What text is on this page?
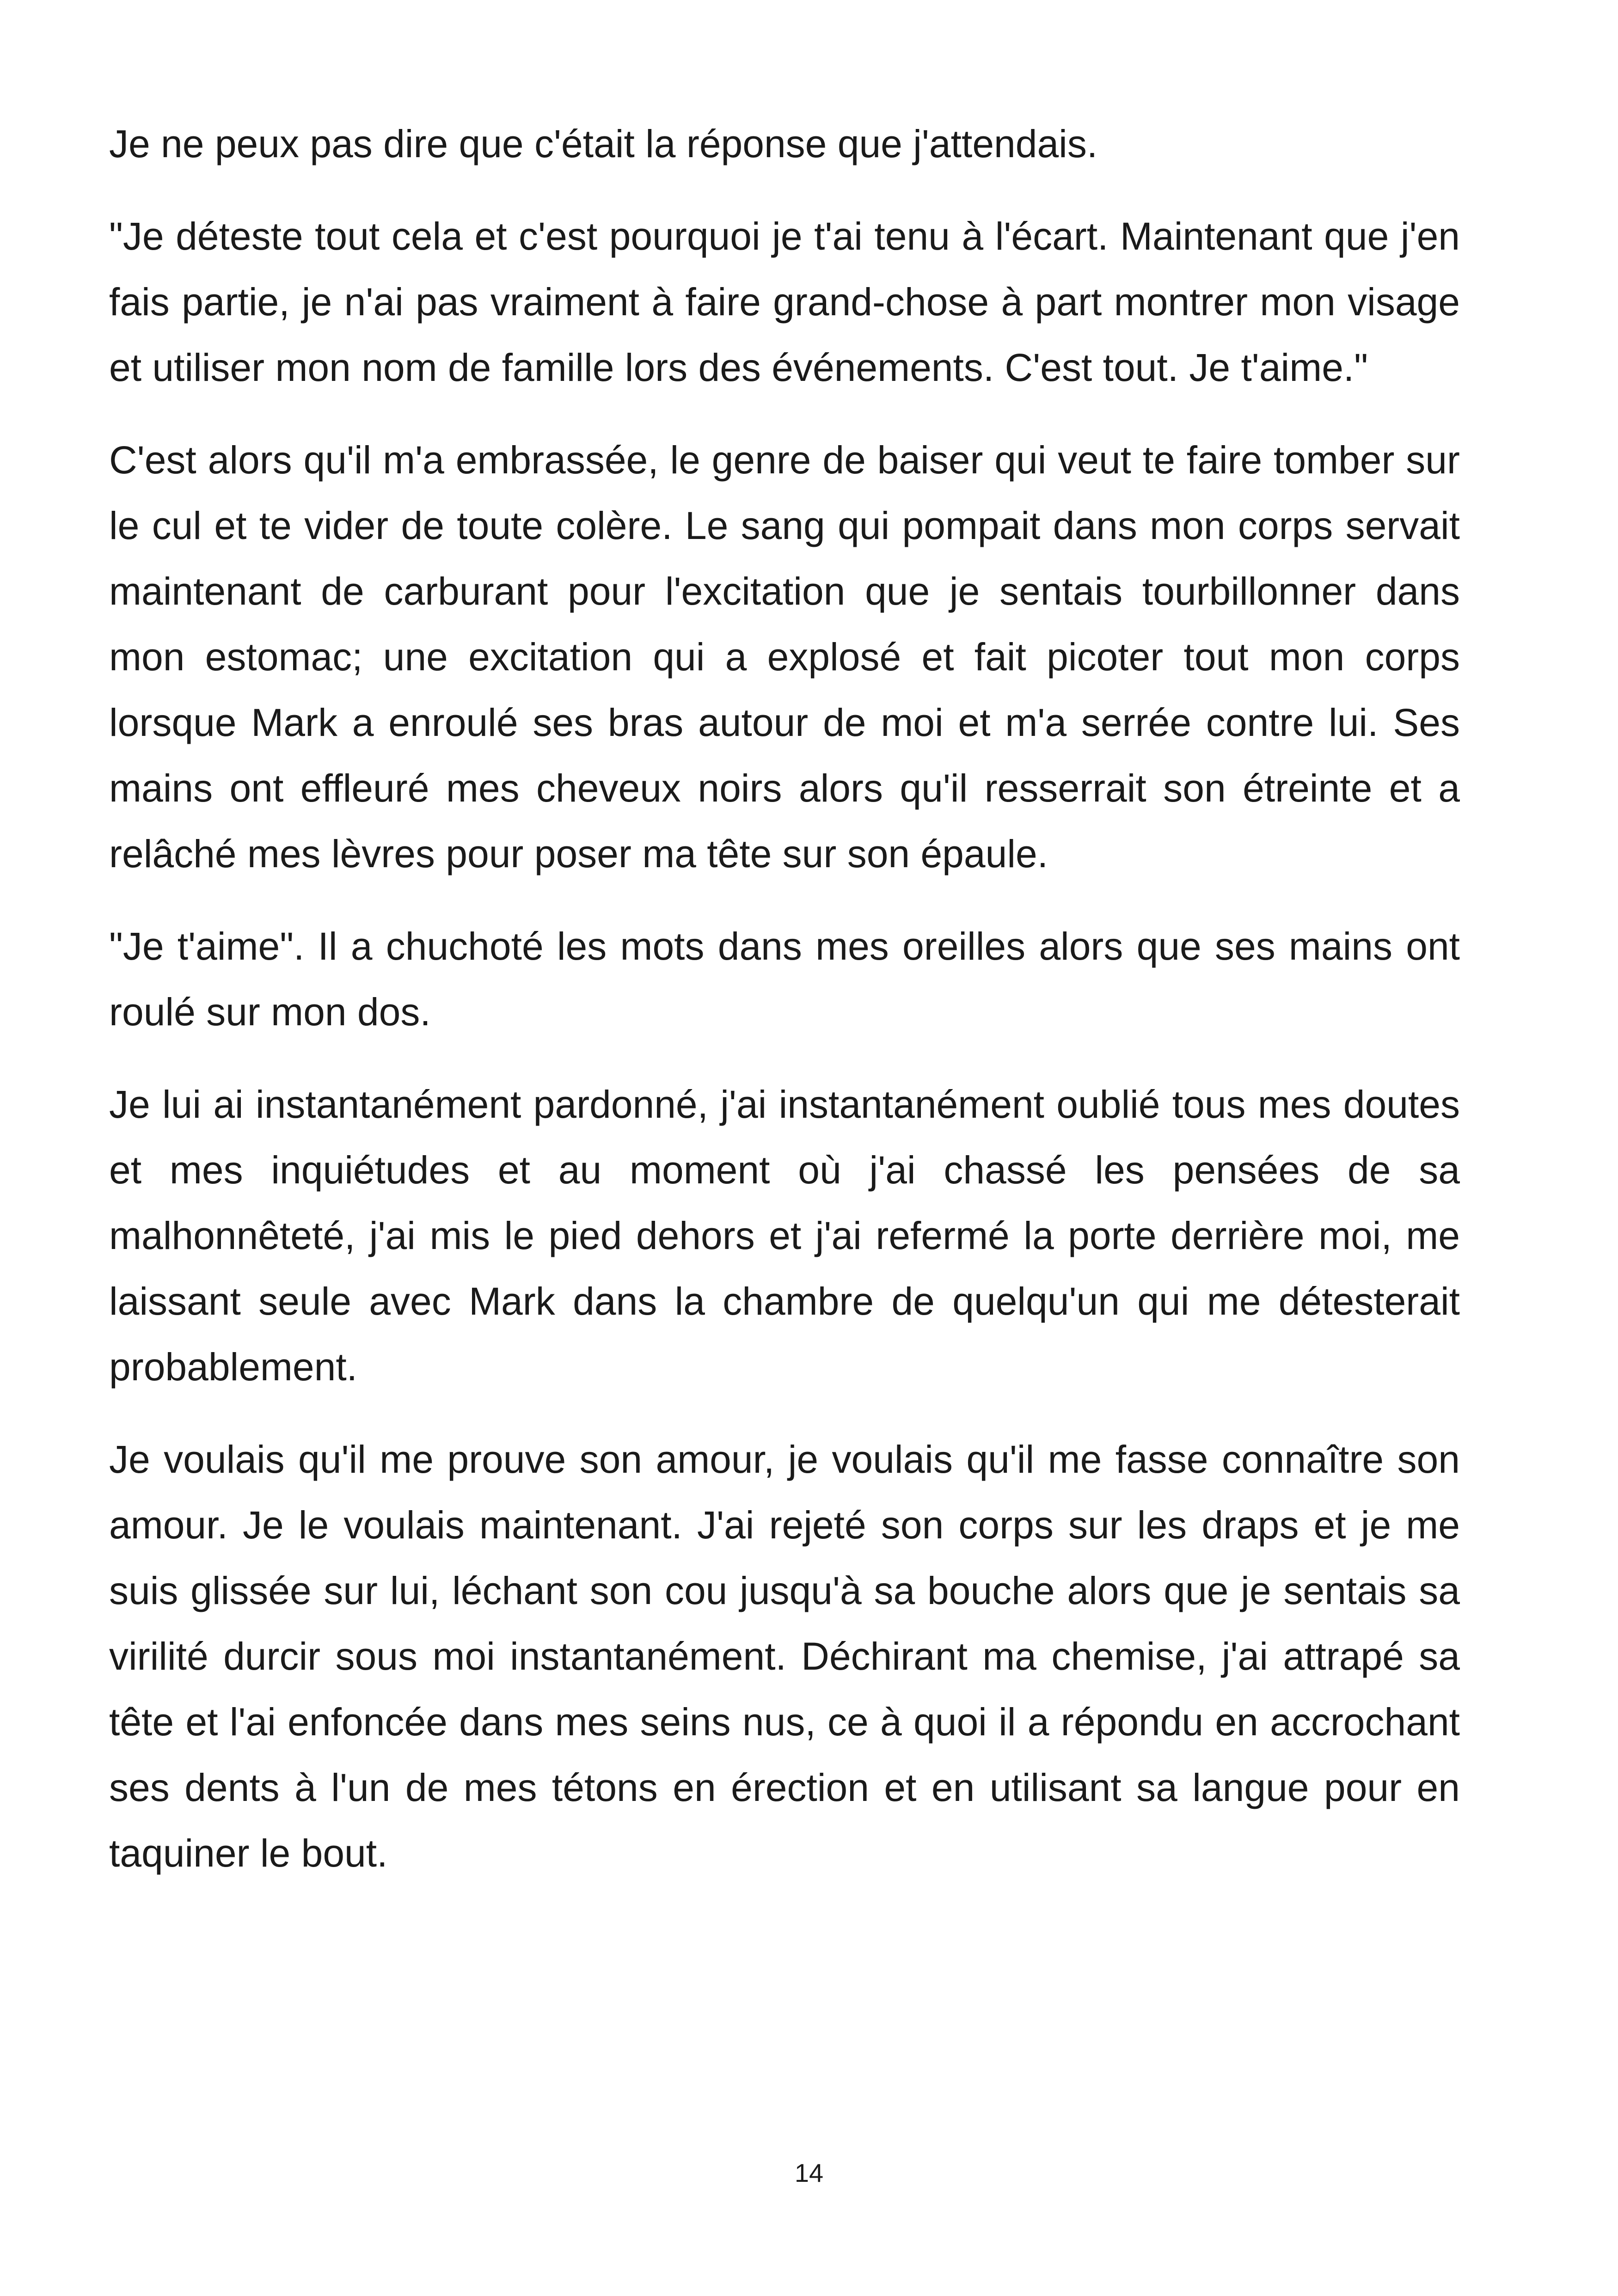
Je ne peux pas dire que c'était la réponse que j'attendais.

"Je déteste tout cela et c'est pourquoi je t'ai tenu à l'écart. Maintenant que j'en fais partie, je n'ai pas vraiment à faire grand-chose à part montrer mon visage et utiliser mon nom de famille lors des événements. C'est tout. Je t'aime."

C'est alors qu'il m'a embrassée, le genre de baiser qui veut te faire tomber sur le cul et te vider de toute colère. Le sang qui pompait dans mon corps servait maintenant de carburant pour l'excitation que je sentais tourbillonner dans mon estomac; une excitation qui a explosé et fait picoter tout mon corps lorsque Mark a enroulé ses bras autour de moi et m'a serrée contre lui. Ses mains ont effleuré mes cheveux noirs alors qu'il resserrait son étreinte et a relâché mes lèvres pour poser ma tête sur son épaule.

"Je t'aime". Il a chuchoté les mots dans mes oreilles alors que ses mains ont roulé sur mon dos.

Je lui ai instantanément pardonné, j'ai instantanément oublié tous mes doutes et mes inquiétudes et au moment où j'ai chassé les pensées de sa malhonnêteté, j'ai mis le pied dehors et j'ai refermé la porte derrière moi, me laissant seule avec Mark dans la chambre de quelqu'un qui me détesterait probablement.

Je voulais qu'il me prouve son amour, je voulais qu'il me fasse connaître son amour. Je le voulais maintenant. J'ai rejeté son corps sur les draps et je me suis glissée sur lui, léchant son cou jusqu'à sa bouche alors que je sentais sa virilité durcir sous moi instantanément. Déchirant ma chemise, j'ai attrapé sa tête et l'ai enfoncée dans mes seins nus, ce à quoi il a répondu en accrochant ses dents à l'un de mes tétons en érection et en utilisant sa langue pour en taquiner le bout.

14
